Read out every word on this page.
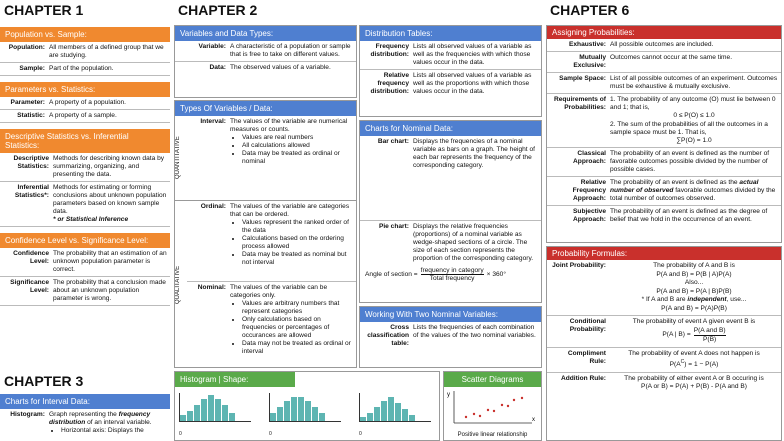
CHAPTER 1
Population vs. Sample:
Population: All members of a defined group that we are studying.
Sample: Part of the population.
Parameters vs. Statistics:
Parameter: A property of a population.
Statistic: A property of a sample.
Descriptive Statistics vs. Inferential Statistics:
Descriptive Statistics:
Methods for describing known data by summarizing, organizing, and presenting the data.
Inferential Statistics*:
Methods for estimating or forming conclusions about unknown population parameters based on known sample data.
* or Statistical Inference
Confidence Level vs. Significance Level:
Confidence Level:
The probability that an estimation of an unknown population parameter is correct.
Significance Level:
The probability that a conclusion made about an unknown population parameter is wrong.
CHAPTER 3
Charts for Interval Data:
Histogram: Graph representing the frequency distribution of an interval variable.
• Horizontal axis: Displays the
CHAPTER 2
Variables and Data Types:
Variable: A characteristic of a population or sample that is free to take on different values.
Data: The observed values of a variable.
Types Of Variables / Data:
QUANTITATIVE
Interval: The values of the variable are numerical measures or counts.
• Values are real numbers
• All calculations allowed
• Data may be treated as ordinal or nominal
QUALITATIVE
Ordinal: The values of the variable are categories that can be ordered.
• Values represent the ranked order of the data
• Calculations based on the ordering process allowed
• Data may be treated as nominal but not interval
Nominal: The values of the variable can be categories only.
• Values are arbitrary numbers that represent categories
• Only calculations based on frequencies or percentages of occurances are allowed
• Data may not be treated as ordinal or interval
Distribution Tables:
Frequency distribution:
Lists all observed values of a variable as well as the frequencies with which those values occur in the data.
Relative frequency distribution:
Lists all observed values of a variable as well as the proportions with which those values occur in the data.
Charts for Nominal Data:
Bar chart: Displays the frequencies of a nominal variable as bars on a graph. The height of each bar represents the frequency of the corresponding category.
Pie chart: Displays the relative frequencies (proportions) of a nominal variable as wedge-shaped sections of a circle. The size of each section represents the proportion of the corresponding category.
Angle of section =
frequency in category
Total frequency
× 360°
Working With Two Nominal Variables:
Cross classification table:
Lists the frequencies of each combination of the values of the two nominal variables.
Histogram | Shape:
0	0	0
Scatter Diagrams
y
x
Positive linear relationship
CHAPTER 6
Assigning Probabilities:
Exhaustive: All possible outcomes are included.
Mutually Exclusive:
Outcomes cannot occur at the same time.
Sample Space: List of all possible outcomes of an experiment. Outcomes must be exhaustive & mutually exclusive.
Requirements of Probabilities:
1. The probability of any outcome (O) must lie between 0 and 1; that is,
0 ≤ P(O) ≤ 1.0
2. The sum of the probabilities of all the outcomes in a sample space must be 1. That is,
∑P(O) = 1.0
Classical Approach:
The probability of an event is defined as the number of favorable outcomes possible divided by the number of possible cases.
Relative Frequency Approach:
The probability of an event is defined as the actual number of observed favorable outcomes divided by the total number of outcomes observed.
Subjective Approach:
The probability of an event is defined as the degree of belief that we hold in the occurrence of an event.
Probability Formulas:
Joint Probability:	The probability of A and B is
P(A and B) = P(B | A)P(A)
Also...
P(A and B) = P(A | B)P(B)
* If A and B are independent, use...
P(A and B) = P(A)P(B)
Conditional Probability:
The probability of event A given event B is
P(A | B) =
P(A and B)
P(B)
Compliment Rule:
The probability of event A does not happen is
$P(A^C) = 1 - P(A)$
Addition Rule:	The probability of either event A or B occuring is
P(A or B) = P(A) + P(B) - P(A and B)
